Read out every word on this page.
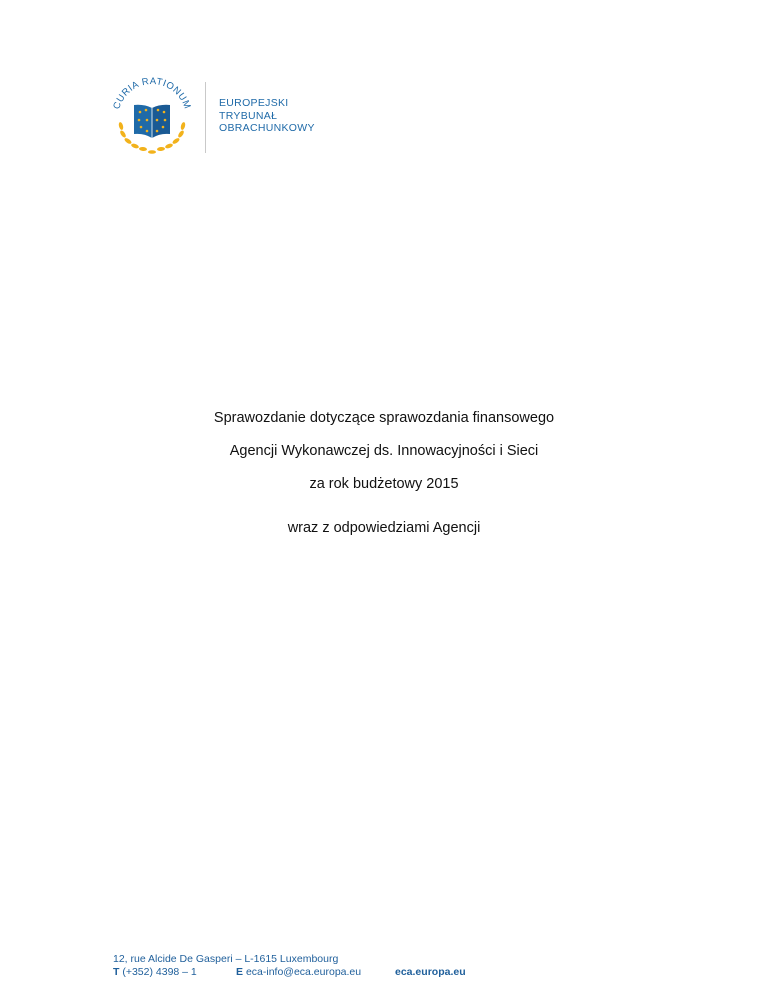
CURIA RATIONUM	EUROPEJSKI
TRYBUNAŁ
OBRACHUNKOWY
Sprawozdanie dotyczące sprawozdania finansowego
Agencji Wykonawczej ds. Innowacyjności i Sieci
za rok budżetowy 2015
wraz z odpowiedziami Agencji
12, rue Alcide De Gasperi – L-1615 Luxembourg
T (+352) 4398 – 1	E eca-info@eca.europa.eu	eca.europa.eu
